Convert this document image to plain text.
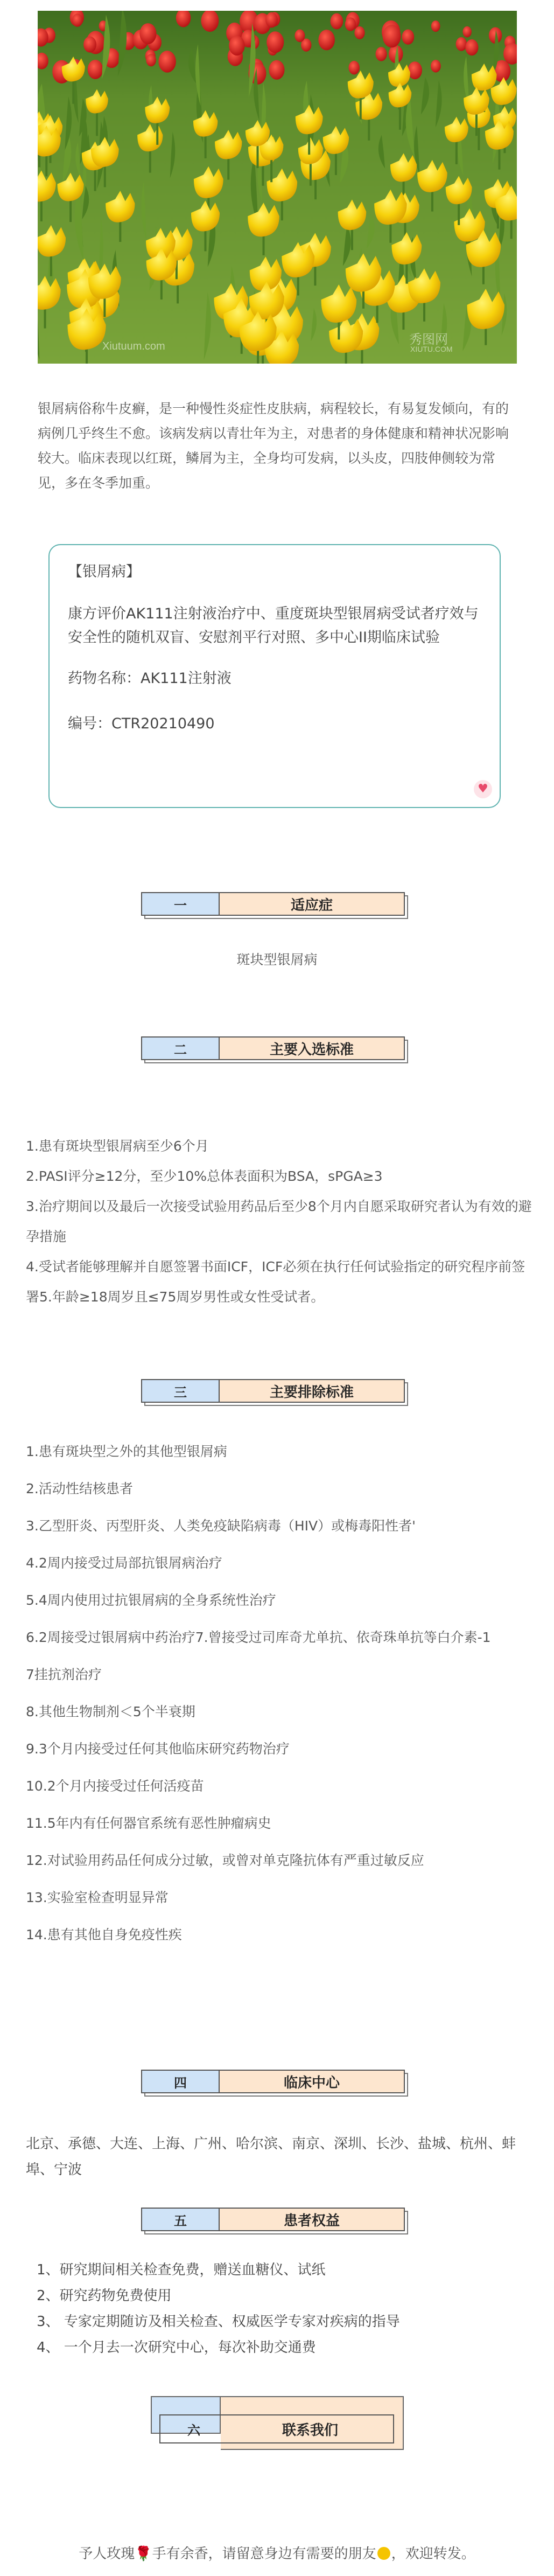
Xiutuum.com	秀图网
XIUTU.COM
银屑病俗称牛皮癣，是一种慢性炎症性皮肤病，病程较长，有易复发倾向，有的病例几乎终生不愈。该病发病以青壮年为主，对患者的身体健康和精神状况影响较大。临床表现以红斑，鳞屑为主，全身均可发病，以头皮，四肢伸侧较为常见，多在冬季加重。
【银屑病】
康方评价AK111注射液治疗中、重度斑块型银屑病受试者疗效与安全性的随机双盲、安慰剂平行对照、多中心II期临床试验
药物名称：AK111注射液
编号：CTR20210490
♥
一	适应症
斑块型银屑病
二	主要入选标准

1.患有斑块型银屑病至少6个月

2.PASI评分≥12分，至少10%总体表面积为BSA，sPGA≥3

3.治疗期间以及最后一次接受试验用药品后至少8个月内自愿采取研究者认为有效的避孕措施

4.受试者能够理解并自愿签署书面ICF，ICF必须在执行任何试验指定的研究程序前签署5.年龄≥18周岁且≤75周岁男性或女性受试者。

三	主要排除标准

1.患有斑块型之外的其他型银屑病

2.活动性结核患者

3.乙型肝炎、丙型肝炎、人类免疫缺陷病毒（HIV）或梅毒阳性者'

4.2周内接受过局部抗银屑病治疗

5.4周内使用过抗银屑病的全身系统性治疗

6.2周接受过银屑病中药治疗7.曾接受过司库奇尤单抗、依奇珠单抗等白介素-1

7挂抗剂治疗

8.其他生物制剂＜5个半衰期

9.3个月内接受过任何其他临床研究药物治疗

10.2个月内接受过任何活疫苗

11.5年内有任何器官系统有恶性肿瘤病史

12.对试验用药品任何成分过敏，或曾对单克隆抗体有严重过敏反应

13.实验室检查明显异常

14.患有其他自身免疫性疾

四	临床中心
北京、承德、大连、上海、广州、哈尔滨、南京、深圳、长沙、盐城、杭州、蚌埠、宁波
五	患者权益
1、研究期间相关检查免费，赠送血糖仪、试纸
2、研究药物免费使用
3、 专家定期随访及相关检查、权威医学专家对疾病的指导
4、 一个月去一次研究中心，每次补助交通费
六	联系我们
予人玫瑰🌹手有余香，请留意身边有需要的朋友 ，欢迎转发。
